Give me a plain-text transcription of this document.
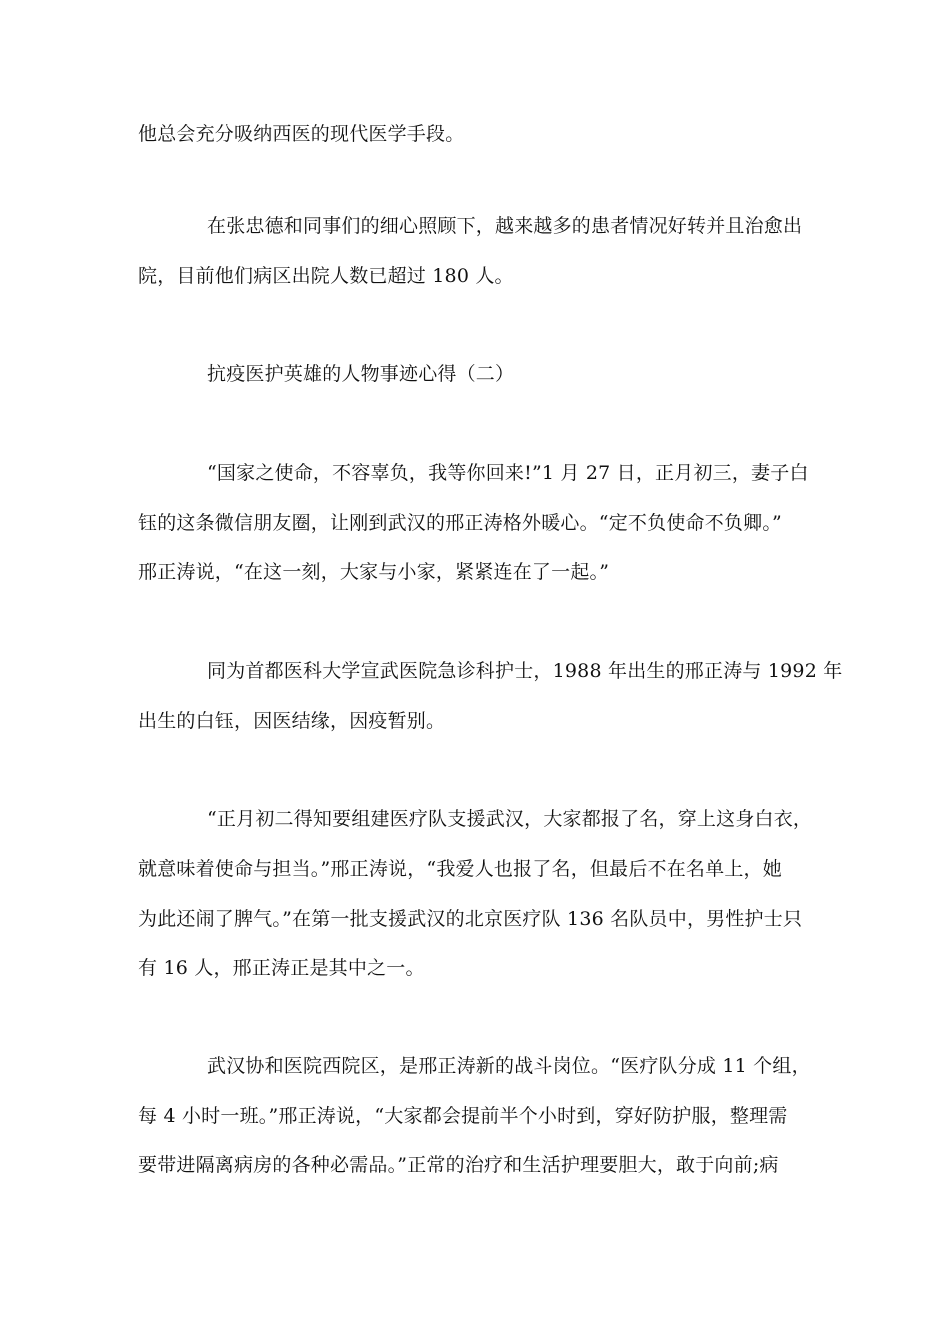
他总会充分吸纳西医的现代医学手段。
在张忠德和同事们的细心照顾下，越来越多的患者情况好转并且治愈出
院，目前他们病区出院人数已超过 180 人。
抗疫医护英雄的人物事迹心得（二）
“国家之使命，不容辜负，我等你回来!”1 月 27 日，正月初三，妻子白
钰的这条微信朋友圈，让刚到武汉的邢正涛格外暖心。“定不负使命不负卿。”
邢正涛说，“在这一刻，大家与小家，紧紧连在了一起。”
同为首都医科大学宣武医院急诊科护士，1988 年出生的邢正涛与 1992 年
出生的白钰，因医结缘，因疫暂别。
“正月初二得知要组建医疗队支援武汉，大家都报了名，穿上这身白衣，
就意味着使命与担当。”邢正涛说，“我爱人也报了名，但最后不在名单上，她
为此还闹了脾气。”在第一批支援武汉的北京医疗队 136 名队员中，男性护士只
有 16 人，邢正涛正是其中之一。
武汉协和医院西院区，是邢正涛新的战斗岗位。“医疗队分成 11 个组，
每 4 小时一班。”邢正涛说，“大家都会提前半个小时到，穿好防护服，整理需
要带进隔离病房的各种必需品。”正常的治疗和生活护理要胆大，敢于向前;病
